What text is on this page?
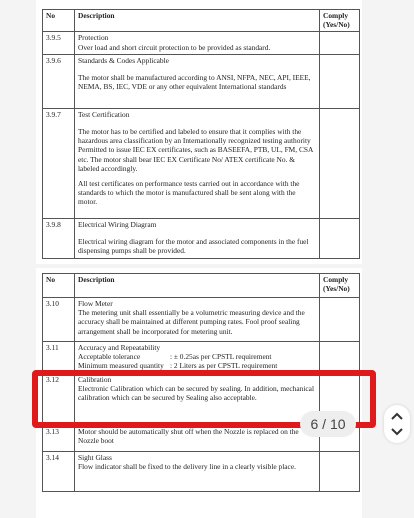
No	Description	Comply (Yes/No)
3.9.5	Protection
Over load and short circuit protection to be provided as standard.	

3.9.6	Standards & Codes Applicable
The motor shall be manufactured according to ANSI, NFPA, NEC, API, IEEE, NEMA, BS, IEC, VDE or any other equivalent International standards	

3.9.7	Test Certification
The motor has to be certified and labeled to ensure that it complies with the hazardous area classification by an Internationally recognized testing authority Permitted to issue IEC EX certificates, such as BASEEFA, PTB, UL, FM, CSA etc. The motor shall bear IEC EX Certificate No/ ATEX certificate No. & labeled accordingly.
All test certificates on performance tests carried out in accordance with the standards to which the motor is manufactured shall be sent along with the motor.	

3.9.8	Electrical Wiring Diagram
Electrical wiring diagram for the motor and associated components in the fuel dispensing pumps shall be provided.	

No	Description	Comply (Yes/No)
3.10	Flow Meter
The metering unit shall essentially be a volumetric measuring device and the accuracy shall be maintained at different pumping rates. Fool proof sealing arrangement shall be incorporated for metering unit.	

3.11	Accuracy and Repeatability
Acceptable tolerance : ± 0.25as per CPSTL requirement
Minimum measured quantity : 2 Liters as per CPSTL requirement	

3.12	Calibration
Electronic Calibration which can be secured by sealing. In addition, mechanical calibration which can be secured by Sealing also acceptable.	

3.13	Motor should be automatically shut off when the Nozzle is replaced on the Nozzle boot	

3.14	Sight Glass
Flow indicator shall be fixed to the delivery line in a clearly visible place.	

6 / 10
